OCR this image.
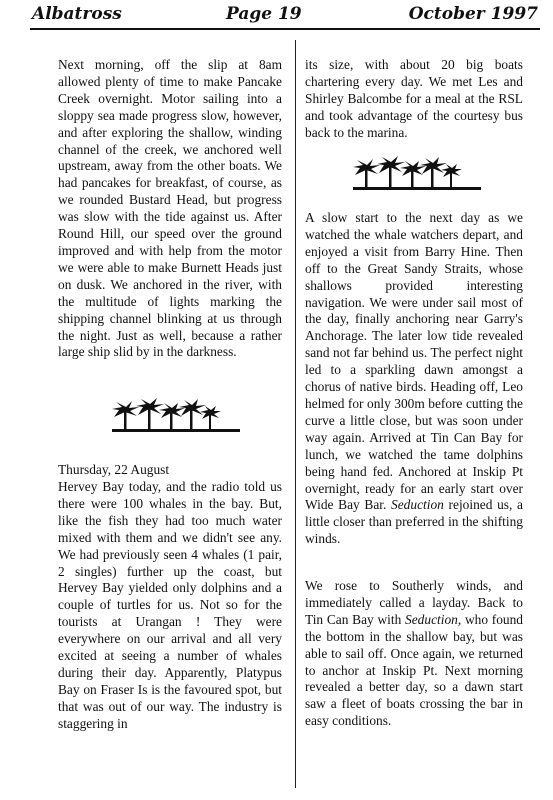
Albatross	Page 19	October 1997

Next morning, off the slip at 8am allowed plenty of time to make Pancake Creek overnight. Motor sailing into a sloppy sea made progress slow, however, and after exploring the shallow, winding channel of the creek, we anchored well upstream, away from the other boats. We had pancakes for breakfast, of course, as we rounded Bustard Head, but progress was slow with the tide against us. After Round Hill, our speed over the ground improved and with help from the motor we were able to make Burnett Heads just on dusk. We anchored in the river, with the multitude of lights marking the shipping channel blinking at us through the night. Just as well, because a rather large ship slid by in the darkness.

Thursday, 22 August

Hervey Bay today, and the radio told us there were 100 whales in the bay. But, like the fish they had too much water mixed with them and we didn't see any. We had previously seen 4 whales (1 pair, 2 singles) further up the coast, but Hervey Bay yielded only dolphins and a couple of turtles for us. Not so for the tourists at Urangan ! They were everywhere on our arrival and all very excited at seeing a number of whales during their day. Apparently, Platypus Bay on Fraser Is is the favoured spot, but that was out of our way. The industry is staggering in

its size, with about 20 big boats chartering every day. We met Les and Shirley Balcombe for a meal at the RSL and took advantage of the courtesy bus back to the marina.

A slow start to the next day as we watched the whale watchers depart, and enjoyed a visit from Barry Hine. Then off to the Great Sandy Straits, whose shallows provided interesting navigation. We were under sail most of the day, finally anchoring near Garry's Anchorage. The later low tide revealed sand not far behind us. The perfect night led to a sparkling dawn amongst a chorus of native birds. Heading off, Leo helmed for only 300m before cutting the curve a little close, but was soon under way again. Arrived at Tin Can Bay for lunch, we watched the tame dolphins being hand fed. Anchored at Inskip Pt overnight, ready for an early start over Wide Bay Bar. Seduction rejoined us, a little closer than preferred in the shifting winds.

We rose to Southerly winds, and immediately called a layday. Back to Tin Can Bay with Seduction, who found the bottom in the shallow bay, but was able to sail off. Once again, we returned to anchor at Inskip Pt. Next morning revealed a better day, so a dawn start saw a fleet of boats crossing the bar in easy conditions.
